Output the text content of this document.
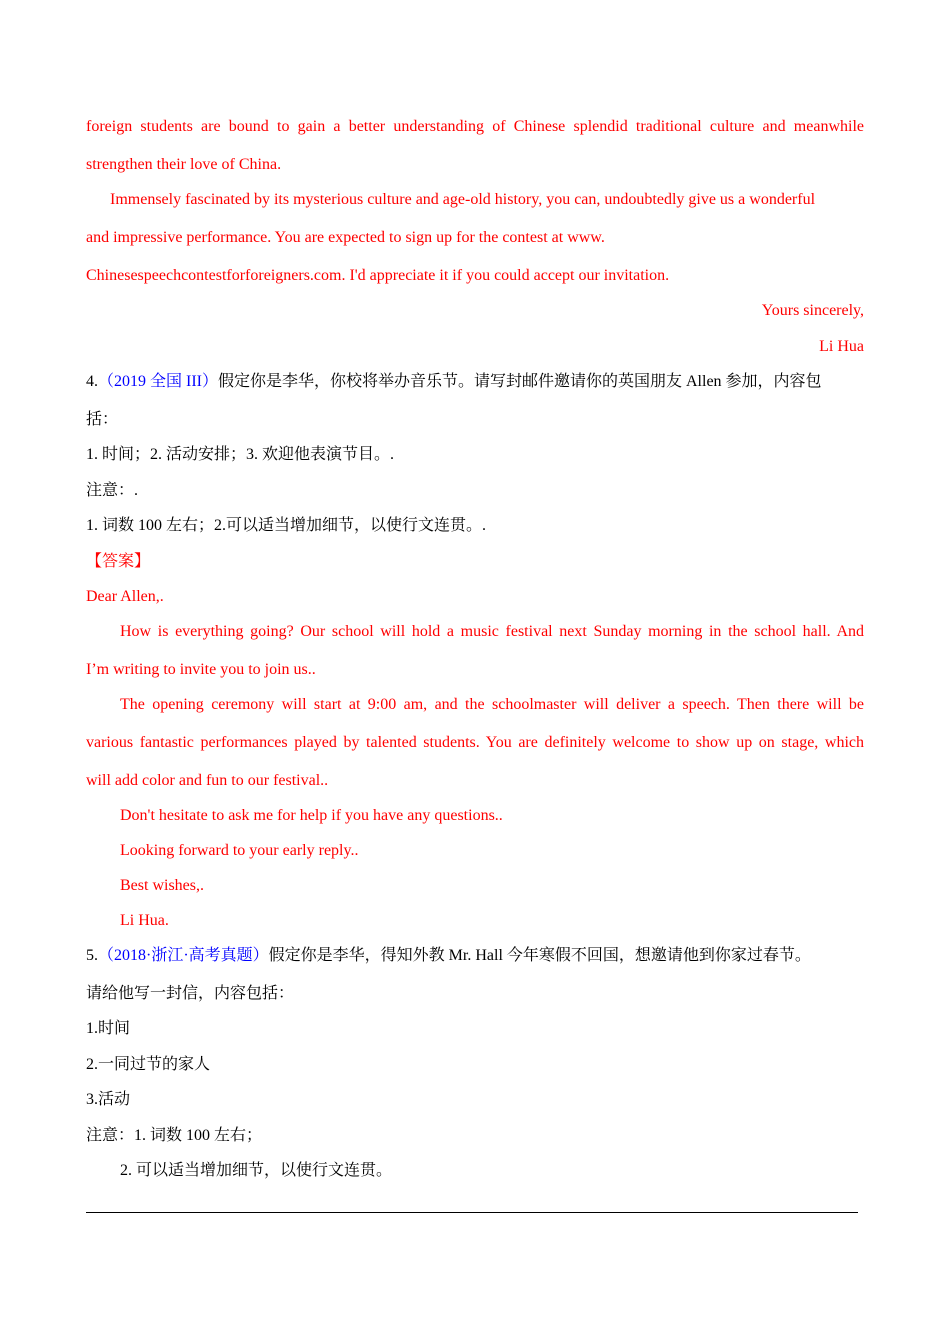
foreign students are bound to gain a better understanding of Chinese splendid traditional culture and meanwhile
strengthen their love of China.
Immensely fascinated by its mysterious culture and age-old history, you can, undoubtedly give us a wonderful
and impressive performance. You are expected to sign up for the contest at www.
Chinesespeechcontestforforeigners.com. I'd appreciate it if you could accept our invitation.
Yours sincerely,
Li Hua
4.（2019 全国 III）假定你是李华，你校将举办音乐节。请写封邮件邀请你的英国朋友 Allen 参加，内容包
括：
1. 时间；2. 活动安排；3. 欢迎他表演节目。.
注意：.
1. 词数 100 左右；2.可以适当增加细节，以使行文连贯。.
【答案】
Dear Allen,.
How is everything going? Our school will hold a music festival next Sunday morning in the school hall. And
I’m writing to invite you to join us..
The opening ceremony will start at 9:00 am, and the schoolmaster will deliver a speech. Then there will be
various fantastic performances played by talented students. You are definitely welcome to show up on stage, which
will add color and fun to our festival..
Don't hesitate to ask me for help if you have any questions..
Looking forward to your early reply..
Best wishes,.
Li Hua.
5.（2018·浙江·高考真题）假定你是李华，得知外教 Mr. Hall 今年寒假不回国，想邀请他到你家过春节。
请给他写一封信，内容包括：
1.时间
2.一同过节的家人
3.活动
注意：1. 词数 100 左右；
2. 可以适当增加细节，以使行文连贯。
